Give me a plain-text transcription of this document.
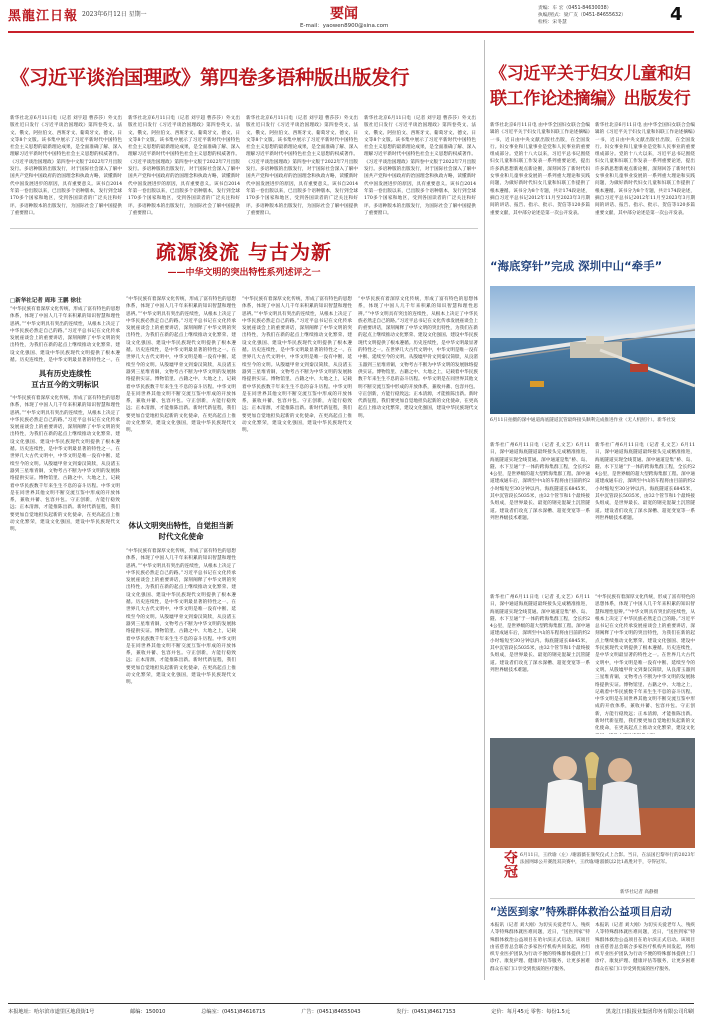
黑龍江日報 2023年6月12日 星期一	要闻
E-mail：yaowen8900@sina.com
责编：车 宏（0451-84630038）
执编/照式：梁广友（0451-84655632）
检校：宋冬慧	4
《习近平谈治国理政》第四卷多语种版出版发行
新华社北京6月11日电（记者 刘宇超 曹莎莎）外文出版社近日发行《习近平谈治国理政》第四卷英文、法文、俄文、阿拉伯文、西班牙文、葡萄牙文、德文、日文等8个文版。该书集中展示了习近平新时代中国特色社会主义思想的最新理论成果，是全面准确了解、深入理解习近平新时代中国特色社会主义思想的权威著作。《习近平谈治国理政》第四卷中文版于2022年7月出版发行。多语种版的出版发行，对于国际社会深入了解中国共产党和中国政府的治国理念和执政方略，读懂新时代中国发展进步的原因，具有重要意义。该书自2014年第一卷出版以来，已出版多个语种版本，发行到全球170多个国家和地区，受到各国读者的广泛关注和好评。多语种版本的出版发行，为国际社会了解中国提供了重要窗口。
新华社北京6月11日电（记者 刘宇超 曹莎莎）外文出版社近日发行《习近平谈治国理政》第四卷英文、法文、俄文、阿拉伯文、西班牙文、葡萄牙文、德文、日文等8个文版。该书集中展示了习近平新时代中国特色社会主义思想的最新理论成果，是全面准确了解、深入理解习近平新时代中国特色社会主义思想的权威著作。《习近平谈治国理政》第四卷中文版于2022年7月出版发行。多语种版的出版发行，对于国际社会深入了解中国共产党和中国政府的治国理念和执政方略，读懂新时代中国发展进步的原因，具有重要意义。该书自2014年第一卷出版以来，已出版多个语种版本，发行到全球170多个国家和地区，受到各国读者的广泛关注和好评。多语种版本的出版发行，为国际社会了解中国提供了重要窗口。
新华社北京6月11日电（记者 刘宇超 曹莎莎）外文出版社近日发行《习近平谈治国理政》第四卷英文、法文、俄文、阿拉伯文、西班牙文、葡萄牙文、德文、日文等8个文版。该书集中展示了习近平新时代中国特色社会主义思想的最新理论成果，是全面准确了解、深入理解习近平新时代中国特色社会主义思想的权威著作。《习近平谈治国理政》第四卷中文版于2022年7月出版发行。多语种版的出版发行，对于国际社会深入了解中国共产党和中国政府的治国理念和执政方略，读懂新时代中国发展进步的原因，具有重要意义。该书自2014年第一卷出版以来，已出版多个语种版本，发行到全球170多个国家和地区，受到各国读者的广泛关注和好评。多语种版本的出版发行，为国际社会了解中国提供了重要窗口。
新华社北京6月11日电（记者 刘宇超 曹莎莎）外文出版社近日发行《习近平谈治国理政》第四卷英文、法文、俄文、阿拉伯文、西班牙文、葡萄牙文、德文、日文等8个文版。该书集中展示了习近平新时代中国特色社会主义思想的最新理论成果，是全面准确了解、深入理解习近平新时代中国特色社会主义思想的权威著作。《习近平谈治国理政》第四卷中文版于2022年7月出版发行。多语种版的出版发行，对于国际社会深入了解中国共产党和中国政府的治国理念和执政方略，读懂新时代中国发展进步的原因，具有重要意义。该书自2014年第一卷出版以来，已出版多个语种版本，发行到全球170多个国家和地区，受到各国读者的广泛关注和好评。多语种版本的出版发行，为国际社会了解中国提供了重要窗口。
《习近平关于妇女儿童和妇联工作论述摘编》出版发行
新华社北京6月11日电 由中华全国妇女联合会编辑的《习近平关于妇女儿童和妇联工作论述摘编》一书，近日由中央文献出版社出版，在全国发行。妇女事业和儿童事业是党和人民事业的重要组成部分。党的十八大以来，习近平总书记围绕妇女儿童和妇联工作发表一系列重要论述，提出许多新思想新观点新论断，深刻回答了新时代妇女事业和儿童事业发展的一系列重大理论和实践问题，为做好新时代妇女儿童和妇联工作提供了根本遵循。该书分为8个专题，共计174段论述，摘自习近平总书记2012年11月至2023年3月期间的讲话、报告、指示、批示、贺信等120多篇重要文献，其中部分论述是第一次公开发表。
新华社北京6月11日电 由中华全国妇女联合会编辑的《习近平关于妇女儿童和妇联工作论述摘编》一书，近日由中央文献出版社出版，在全国发行。妇女事业和儿童事业是党和人民事业的重要组成部分。党的十八大以来，习近平总书记围绕妇女儿童和妇联工作发表一系列重要论述，提出许多新思想新观点新论断，深刻回答了新时代妇女事业和儿童事业发展的一系列重大理论和实践问题，为做好新时代妇女儿童和妇联工作提供了根本遵循。该书分为8个专题，共计174段论述，摘自习近平总书记2012年11月至2023年3月期间的讲话、报告、指示、批示、贺信等120多篇重要文献，其中部分论述是第一次公开发表。
疏源浚流 与古为新
——中华文明的突出特性系列述评之一
□新华社记者 周玮 王鹏 徐壮
“中华民族有着深厚文化传统，形成了富有特色的思想体系，体现了中国人几千年来积累的知识智慧和理性思辨。”“中华文明具有突出的连续性，从根本上决定了中华民族必然走自己的路。”习近平总书记在文化传承发展座谈会上的重要讲话，深刻阐释了中华文明的突出特性，为我们在新的起点上继续推动文化繁荣、建设文化强国、建设中华民族现代文明提供了根本遵循。历史连续性，是中华文明最显著的特性之一。在
具有历史连续性
亘古亘今的文明标识
“中华民族有着深厚文化传统，形成了富有特色的思想体系，体现了中国人几千年来积累的知识智慧和理性思辨。”“中华文明具有突出的连续性，从根本上决定了中华民族必然走自己的路。”习近平总书记在文化传承发展座谈会上的重要讲话，深刻阐释了中华文明的突出特性，为我们在新的起点上继续推动文化繁荣、建设文化强国、建设中华民族现代文明提供了根本遵循。历史连续性，是中华文明最显著的特性之一。在世界几大古代文明中，中华文明是唯一没有中断、延续至今的文明。从殷墟甲骨文到秦汉简牍，从良渚玉器到三星堆青铜，文物考古不断为中华文明的发展脉络提供实证。博物馆里、古籍之中、大地之上，记载着中华民族数千年来生生不息的奋斗历程。中华文明是在同世界其他文明不断交流互鉴中形成的开放体系，兼收并蓄、包容并包。守正创新，方能行稳致远；正本清源，才能推陈出新。新时代新征程，我们要更加自觉地担负起新的文化使命，在更高起点上推动文化繁荣，建设文化强国，建设中华民族现代文明。
“中华民族有着深厚文化传统，形成了富有特色的思想体系，体现了中国人几千年来积累的知识智慧和理性思辨。”“中华文明具有突出的连续性，从根本上决定了中华民族必然走自己的路。”习近平总书记在文化传承发展座谈会上的重要讲话，深刻阐释了中华文明的突出特性，为我们在新的起点上继续推动文化繁荣、建设文化强国、建设中华民族现代文明提供了根本遵循。历史连续性，是中华文明最显著的特性之一。在世界几大古代文明中，中华文明是唯一没有中断、延续至今的文明。从殷墟甲骨文到秦汉简牍，从良渚玉器到三星堆青铜，文物考古不断为中华文明的发展脉络提供实证。博物馆里、古籍之中、大地之上，记载着中华民族数千年来生生不息的奋斗历程。中华文明是在同世界其他文明不断交流互鉴中形成的开放体系，兼收并蓄、包容并包。守正创新，方能行稳致远；正本清源，才能推陈出新。新时代新征程，我们要更加自觉地担负起新的文化使命，在更高起点上推动文化繁荣，建设文化强国，建设中华民族现代文明。
体认文明突出特性，自觉担当新时代文化使命
“中华民族有着深厚文化传统，形成了富有特色的思想体系，体现了中国人几千年来积累的知识智慧和理性思辨。”“中华文明具有突出的连续性，从根本上决定了中华民族必然走自己的路。”习近平总书记在文化传承发展座谈会上的重要讲话，深刻阐释了中华文明的突出特性，为我们在新的起点上继续推动文化繁荣、建设文化强国、建设中华民族现代文明提供了根本遵循。历史连续性，是中华文明最显著的特性之一。在世界几大古代文明中，中华文明是唯一没有中断、延续至今的文明。从殷墟甲骨文到秦汉简牍，从良渚玉器到三星堆青铜，文物考古不断为中华文明的发展脉络提供实证。博物馆里、古籍之中、大地之上，记载着中华民族数千年来生生不息的奋斗历程。中华文明是在同世界其他文明不断交流互鉴中形成的开放体系，兼收并蓄、包容并包。守正创新，方能行稳致远；正本清源，才能推陈出新。新时代新征程，我们要更加自觉地担负起新的文化使命，在更高起点上推动文化繁荣，建设文化强国，建设中华民族现代文明。
“中华民族有着深厚文化传统，形成了富有特色的思想体系，体现了中国人几千年来积累的知识智慧和理性思辨。”“中华文明具有突出的连续性，从根本上决定了中华民族必然走自己的路。”习近平总书记在文化传承发展座谈会上的重要讲话，深刻阐释了中华文明的突出特性，为我们在新的起点上继续推动文化繁荣、建设文化强国、建设中华民族现代文明提供了根本遵循。历史连续性，是中华文明最显著的特性之一。在世界几大古代文明中，中华文明是唯一没有中断、延续至今的文明。从殷墟甲骨文到秦汉简牍，从良渚玉器到三星堆青铜，文物考古不断为中华文明的发展脉络提供实证。博物馆里、古籍之中、大地之上，记载着中华民族数千年来生生不息的奋斗历程。中华文明是在同世界其他文明不断交流互鉴中形成的开放体系，兼收并蓄、包容并包。守正创新，方能行稳致远；正本清源，才能推陈出新。新时代新征程，我们要更加自觉地担负起新的文化使命，在更高起点上推动文化繁荣，建设文化强国，建设中华民族现代文明。
“中华民族有着深厚文化传统，形成了富有特色的思想体系，体现了中国人几千年来积累的知识智慧和理性思辨。”“中华文明具有突出的连续性，从根本上决定了中华民族必然走自己的路。”习近平总书记在文化传承发展座谈会上的重要讲话，深刻阐释了中华文明的突出特性，为我们在新的起点上继续推动文化繁荣、建设文化强国、建设中华民族现代文明提供了根本遵循。历史连续性，是中华文明最显著的特性之一。在世界几大古代文明中，中华文明是唯一没有中断、延续至今的文明。从殷墟甲骨文到秦汉简牍，从良渚玉器到三星堆青铜，文物考古不断为中华文明的发展脉络提供实证。博物馆里、古籍之中、大地之上，记载着中华民族数千年来生生不息的奋斗历程。中华文明是在同世界其他文明不断交流互鉴中形成的开放体系，兼收并蓄、包容并包。守正创新，方能行稳致远；正本清源，才能推陈出新。新时代新征程，我们要更加自觉地担负起新的文化使命，在更高起点上推动文化繁荣，建设文化强国，建设中华民族现代文明。
“海底穿针”完成 深圳中山“牵手”
6月11日拍摄的深中通道海底隧道沉管最终接头顺利完成推进作业（无人机照片）。新华社发
新华社广州6月11日电（记者 孔文艺）6月11日，深中通道海底隧道最终接头完成精准推进，海底隧道实现全线贯通。深中通道是集“桥、岛、隧、水下互通”于一体的跨海集群工程，全长约24公里，是世界级的超大型跨海集群工程。深中通道建成通车后，深圳至中山的车程将由目前的约2小时缩短至30分钟以内。海底隧道长6845米，其中沉管段长5035米，由32个管节和1个最终接头组成，是世界最长、最宽的钢壳混凝土沉管隧道。建设者们攻克了深水深槽、超宽变宽等一系列世界级技术难题。
新华社广州6月11日电（记者 孔文艺）6月11日，深中通道海底隧道最终接头完成精准推进，海底隧道实现全线贯通。深中通道是集“桥、岛、隧、水下互通”于一体的跨海集群工程，全长约24公里，是世界级的超大型跨海集群工程。深中通道建成通车后，深圳至中山的车程将由目前的约2小时缩短至30分钟以内。海底隧道长6845米，其中沉管段长5035米，由32个管节和1个最终接头组成，是世界最长、最宽的钢壳混凝土沉管隧道。建设者们攻克了深水深槽、超宽变宽等一系列世界级技术难题。
新华社广州6月11日电（记者 孔文艺）6月11日，深中通道海底隧道最终接头完成精准推进，海底隧道实现全线贯通。深中通道是集“桥、岛、隧、水下互通”于一体的跨海集群工程，全长约24公里，是世界级的超大型跨海集群工程。深中通道建成通车后，深圳至中山的车程将由目前的约2小时缩短至30分钟以内。海底隧道长6845米，其中沉管段长5035米，由32个管节和1个最终接头组成，是世界最长、最宽的钢壳混凝土沉管隧道。建设者们攻克了深水深槽、超宽变宽等一系列世界级技术难题。
“中华民族有着深厚文化传统，形成了富有特色的思想体系，体现了中国人几千年来积累的知识智慧和理性思辨。”“中华文明具有突出的连续性，从根本上决定了中华民族必然走自己的路。”习近平总书记在文化传承发展座谈会上的重要讲话，深刻阐释了中华文明的突出特性，为我们在新的起点上继续推动文化繁荣、建设文化强国、建设中华民族现代文明提供了根本遵循。历史连续性，是中华文明最显著的特性之一。在世界几大古代文明中，中华文明是唯一没有中断、延续至今的文明。从殷墟甲骨文到秦汉简牍，从良渚玉器到三星堆青铜，文物考古不断为中华文明的发展脉络提供实证。博物馆里、古籍之中、大地之上，记载着中华民族数千年来生生不息的奋斗历程。中华文明是在同世界其他文明不断交流互鉴中形成的开放体系，兼收并蓄、包容并包。守正创新，方能行稳致远；正本清源，才能推陈出新。新时代新征程，我们要更加自觉地担负起新的文化使命，在更高起点上推动文化繁荣，建设文化
夺冠 6月11日，王欣瑜（左）/谢淑薇在颁奖仪式上合影。当日，在法国巴黎举行的2023年法国网球公开赛混双决赛中，王欣瑜/谢淑薇以2比1战胜对手，夺得冠军。
新华社记者 高静摄
“送医到家”特殊群体救治公益项目启动
本报讯（记者 刘大刚）为切实关爱老年人、残疾人等特殊群体就医难问题，近日，“送医到家”特殊群体救治公益项目在哈尔滨正式启动。该项目由省慈善总会联合多家医疗机构共同发起，将组织专业医护团队为行动不便的特殊群体提供上门诊疗、康复护理、健康评估等服务，让更多困难群众在家门口享受到优质的医疗服务。
本报讯（记者 刘大刚）为切实关爱老年人、残疾人等特殊群体就医难问题，近日，“送医到家”特殊群体救治公益项目在哈尔滨正式启动。该项目由省慈善总会联合多家医疗机构共同发起，将组织专业医护团队为行动不便的特殊群体提供上门诊疗、康复护理、健康评估等服务，让更多困难群众在家门口享受到优质的医疗服务。
本报地址：哈尔滨市道里区地段街1号	邮编：150010	总编室：(0451)84616715	广告：(0451)84655043	发行：(0451)84617153	定价：每月45元 零售：每份1.5元	黑龙江日报报业集团印务有限公司印刷
